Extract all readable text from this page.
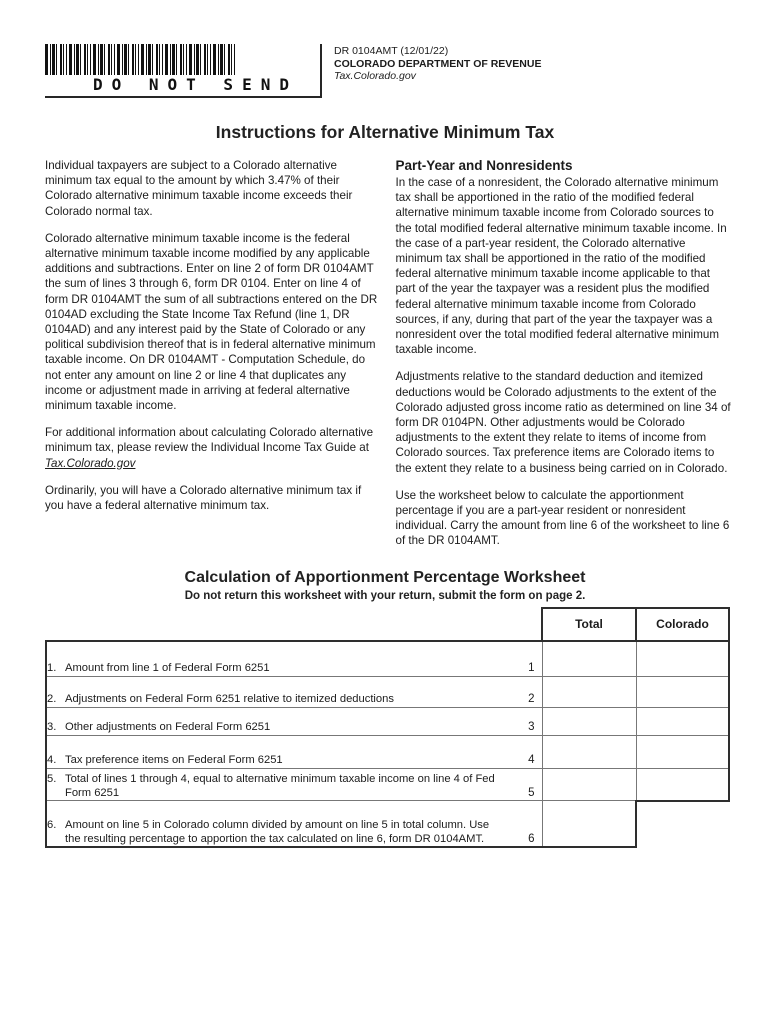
DO NOT SEND
DR 0104AMT (12/01/22)
COLORADO DEPARTMENT OF REVENUE
Tax.Colorado.gov
Instructions for Alternative Minimum Tax

Individual taxpayers are subject to a Colorado alternative minimum tax equal to the amount by which 3.47% of their Colorado alternative minimum taxable income exceeds their Colorado normal tax.

Colorado alternative minimum taxable income is the federal alternative minimum taxable income modified by any applicable additions and subtractions. Enter on line 2 of form DR 0104AMT the sum of lines 3 through 6, form DR 0104. Enter on line 4 of form DR 0104AMT the sum of all subtractions entered on the DR 0104AD excluding the State Income Tax Refund (line 1, DR 0104AD) and any interest paid by the State of Colorado or any political subdivision thereof that is in federal alternative minimum taxable income. On DR 0104AMT - Computation Schedule, do not enter any amount on line 2 or line 4 that duplicates any income or adjustment made in arriving at federal alternative minimum taxable income.

For additional information about calculating Colorado alternative minimum tax, please review the Individual Income Tax Guide at Tax.Colorado.gov

Ordinarily, you will have a Colorado alternative minimum tax if you have a federal alternative minimum tax.

Part-Year and Nonresidents

In the case of a nonresident, the Colorado alternative minimum tax shall be apportioned in the ratio of the modified federal alternative minimum taxable income from Colorado sources to the total modified federal alternative minimum taxable income. In the case of a part-year resident, the Colorado alternative minimum tax shall be apportioned in the ratio of the modified federal alternative minimum taxable income applicable to that part of the year the taxpayer was a resident plus the modified federal alternative minimum taxable income from Colorado sources, if any, during that part of the year the taxpayer was a nonresident over the total modified federal alternative minimum taxable income.

Adjustments relative to the standard deduction and itemized deductions would be Colorado adjustments to the extent of the Colorado adjusted gross income ratio as determined on line 34 of form DR 0104PN. Other adjustments would be Colorado adjustments to the extent they relate to items of income from Colorado sources. Tax preference items are Colorado items to the extent they relate to a business being carried on in Colorado.

Use the worksheet below to calculate the apportionment percentage if you are a part-year resident or nonresident individual. Carry the amount from line 6 of the worksheet to line 6 of the DR 0104AMT.

Calculation of Apportionment Percentage Worksheet
Do not return this worksheet with your return, submit the form on page 2.
	Total	Colorado

1. Amount from line 1 of Federal Form 6251 1		

2. Adjustments on Federal Form 6251 relative to itemized deductions 2		

3. Other adjustments on Federal Form 6251 3		

4. Tax preference items on Federal Form 6251 4		

5. Total of lines 1 through 4, equal to alternative minimum taxable income on line 4 of Fed Form 6251 5		

6. Amount on line 5 in Colorado column divided by amount on line 5 in total column. Use the resulting percentage to apportion the tax calculated on line 6, form DR 0104AMT. 6		
